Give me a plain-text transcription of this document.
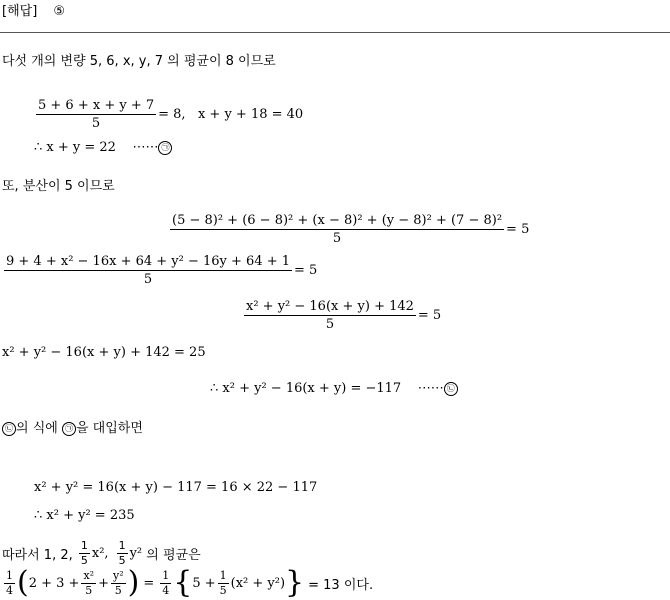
[해답] ⑤
다섯 개의 변량 5, 6, x, y, 7 의 평균이 8 이므로
$\frac{5 + 6 + x + y + 7}{5} = 8$,   x + y + 18 = 40
∴ x + y = 22    ⋯⋯ ㉠
또, 분산이 5 이므로
$\frac{\text{(5 − 8)² + (6 − 8)² + (x − 8)² + (y − 8)² + (7 − 8)²}}{5} = 5$
$\frac{\text{9 + 4 + x² − 16x + 64 + y² − 16y + 64 + 1}}{5} = 5$
$\frac{\text{x² + y² − 16(x + y) + 142}}{5} = 5$
x² + y² − 16(x + y) + 142 = 25
∴ x² + y² − 16(x + y) = −117    ⋯⋯ ㉡
㉡ 의 식에 ㉠ 을 대입하면
x² + y² = 16(x + y) − 117 = 16 × 22 − 117
∴ x² + y² = 235
따라서 1, 2, $\frac{1}{5} x^2$, $\frac{1}{5} y^2$ 의 평균은
$\frac{1}{4}$ ( $2 + 3 + \frac{\text{x²}}{5} + \frac{\text{y²}}{5}$ ) = $\frac{1}{4}$ { $5 + \frac{1}{5} (x^2 + y^2)$ } = 13 이다.
